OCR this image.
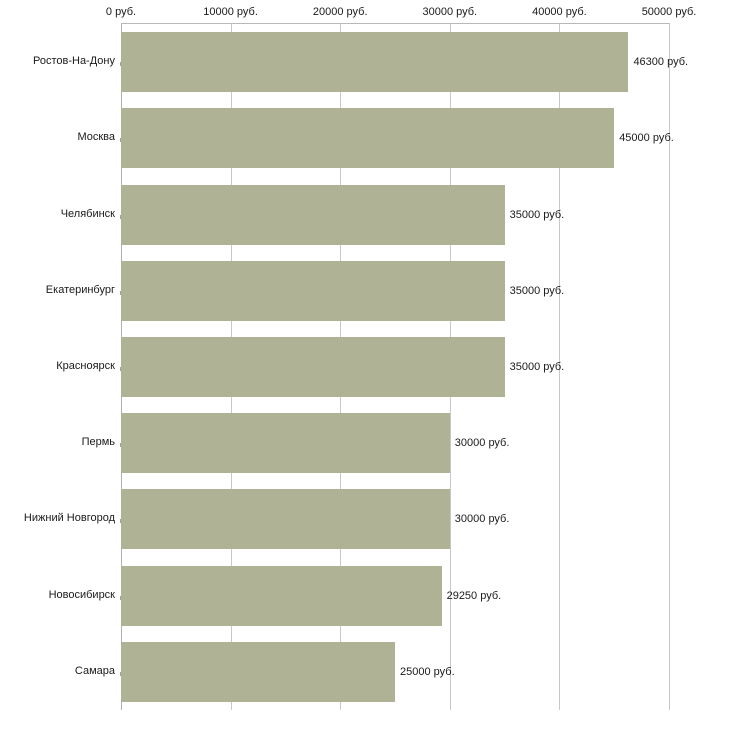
46300 руб.
45000 руб.
35000 руб.
35000 руб.
35000 руб.
30000 руб.
30000 руб.
29250 руб.
25000 руб.
0 руб.	10000 руб.	20000 руб.	30000 руб.	40000 руб.	50000 руб.
Ростов-На-Дону
Москва
Челябинск
Екатеринбург
Красноярск
Пермь
Нижний Новгород
Новосибирск
Самара
